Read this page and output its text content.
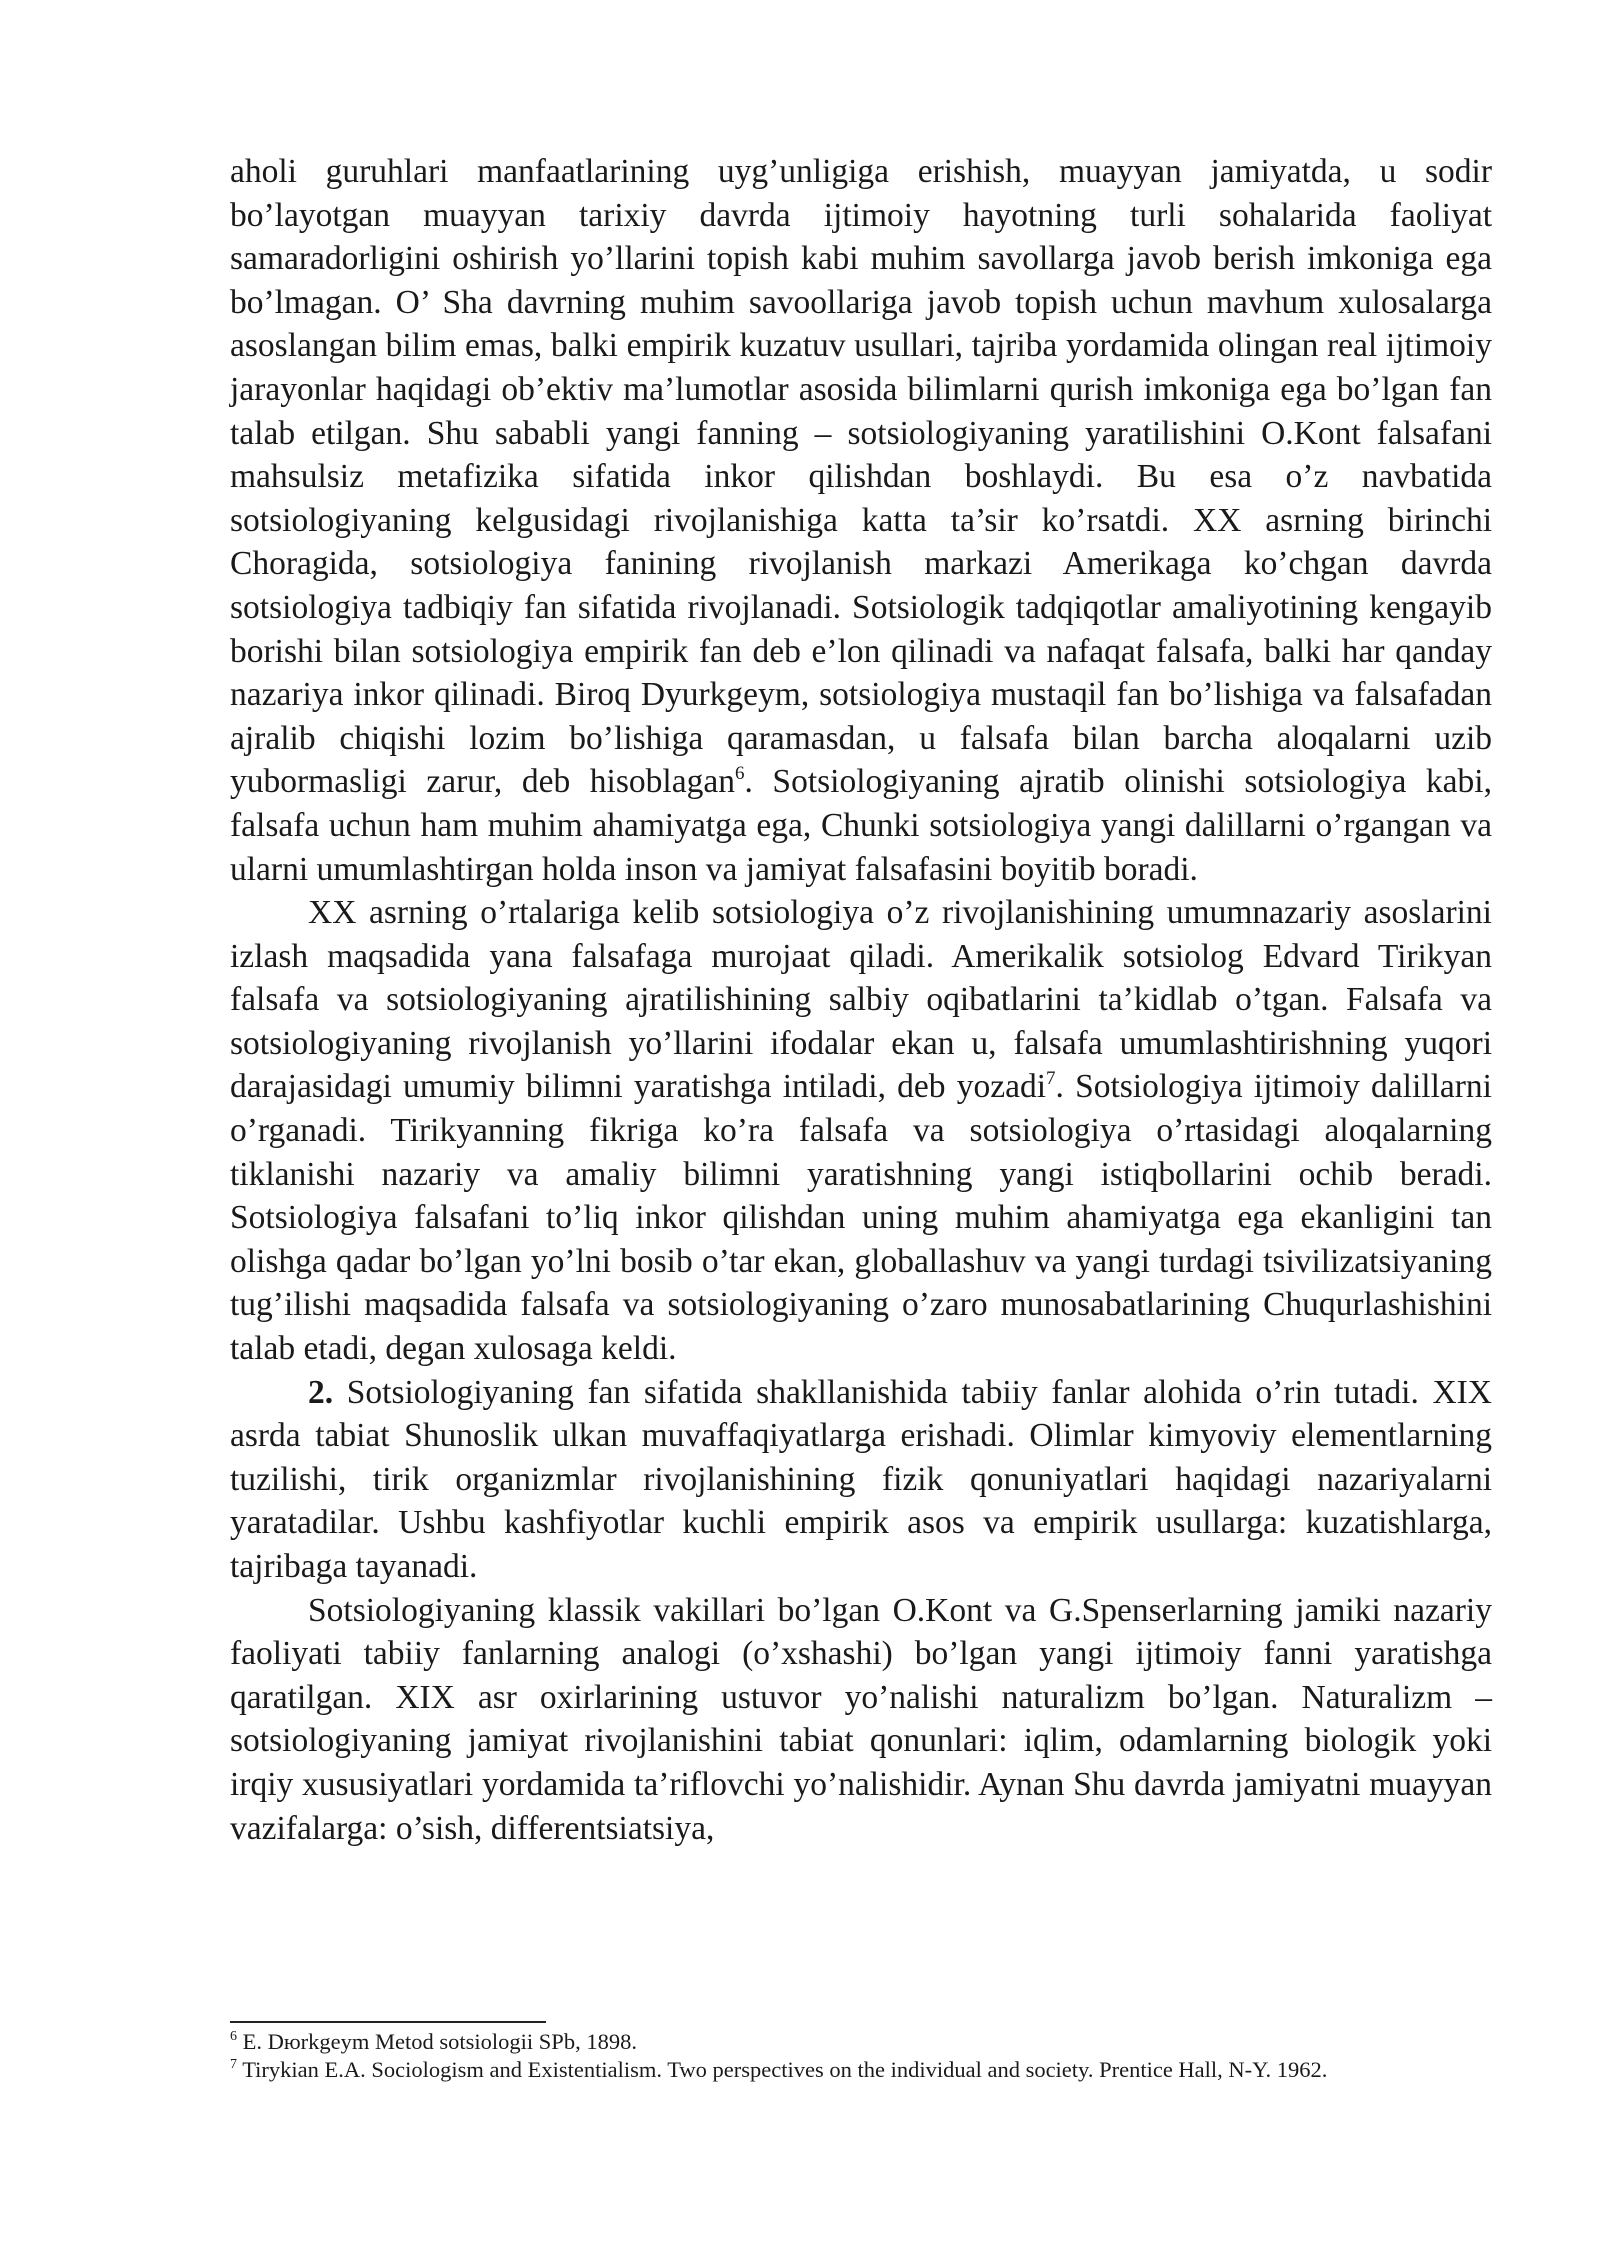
aholi guruhlari manfaatlarining uyg’unligiga erishish, muayyan jamiyatda, u sodir bo’layotgan muayyan tarixiy davrda ijtimoiy hayotning turli sohalarida faoliyat samaradorligini oshirish yo’llarini topish kabi muhim savollarga javob berish imkoniga ega bo’lmagan. O’ Sha davrning muhim savoollariga javob topish uchun mavhum xulosalarga asoslangan bilim emas, balki empirik kuzatuv usullari, tajriba yordamida olingan real ijtimoiy jarayonlar haqidagi ob’ektiv ma’lumotlar asosida bilimlarni qurish imkoniga ega bo’lgan fan talab etilgan. Shu sababli yangi fanning – sotsiologiyaning yaratilishini O.Kont falsafani mahsulsiz metafizika sifatida inkor qilishdan boshlaydi. Bu esa o’z navbatida sotsiologiyaning kelgusidagi rivojlanishiga katta ta’sir ko’rsatdi. XX asrning birinchi Choragida, sotsiologiya fanining rivojlanish markazi Amerikaga ko’chgan davrda sotsiologiya tadbiqiy fan sifatida rivojlanadi. Sotsiologik tadqiqotlar amaliyotining kengayib borishi bilan sotsiologiya empirik fan deb e’lon qilinadi va nafaqat falsafa, balki har qanday nazariya inkor qilinadi. Biroq Dyurkgeym, sotsiologiya mustaqil fan bo’lishiga va falsafadan ajralib chiqishi lozim bo’lishiga qaramasdan, u falsafa bilan barcha aloqalarni uzib yubormasligi zarur, deb hisoblagan$^6$. Sotsiologiyaning ajratib olinishi sotsiologiya kabi, falsafa uchun ham muhim ahamiyatga ega, Chunki sotsiologiya yangi dalillarni o’rgangan va ularni umumlashtirgan holda inson va jamiyat falsafasini boyitib boradi.

XX asrning o’rtalariga kelib sotsiologiya o’z rivojlanishining umumnazariy asoslarini izlash maqsadida yana falsafaga murojaat qiladi. Amerikalik sotsiolog Edvard Tirikyan falsafa va sotsiologiyaning ajratilishining salbiy oqibatlarini ta’kidlab o’tgan. Falsafa va sotsiologiyaning rivojlanish yo’llarini ifodalar ekan u, falsafa umumlashtirishning yuqori darajasidagi umumiy bilimni yaratishga intiladi, deb yozadi$^7$. Sotsiologiya ijtimoiy dalillarni o’rganadi. Tirikyanning fikriga ko’ra falsafa va sotsiologiya o’rtasidagi aloqalarning tiklanishi nazariy va amaliy bilimni yaratishning yangi istiqbollarini ochib beradi. Sotsiologiya falsafani to’liq inkor qilishdan uning muhim ahamiyatga ega ekanligini tan olishga qadar bo’lgan yo’lni bosib o’tar ekan, globallashuv va yangi turdagi tsivilizatsiyaning tug’ilishi maqsadida falsafa va sotsiologiyaning o’zaro munosabatlarining Chuqurlashishini talab etadi, degan xulosaga keldi.

2. Sotsiologiyaning fan sifatida shakllanishida tabiiy fanlar alohida o’rin tutadi. XIX asrda tabiat Shunoslik ulkan muvaffaqiyatlarga erishadi. Olimlar kimyoviy elementlarning tuzilishi, tirik organizmlar rivojlanishining fizik qonuniyatlari haqidagi nazariyalarni yaratadilar. Ushbu kashfiyotlar kuchli empirik asos va empirik usullarga: kuzatishlarga, tajribaga tayanadi.

Sotsiologiyaning klassik vakillari bo’lgan O.Kont va G.Spenserlarning jamiki nazariy faoliyati tabiiy fanlarning analogi (o’xshashi) bo’lgan yangi ijtimoiy fanni yaratishga qaratilgan. XIX asr oxirlarining ustuvor yo’nalishi naturalizm bo’lgan. Naturalizm – sotsiologiyaning jamiyat rivojlanishini tabiat qonunlari: iqlim, odamlarning biologik yoki irqiy xususiyatlari yordamida ta’riflovchi yo’nalishidir. Aynan Shu davrda jamiyatni muayyan vazifalarga: o’sish, differentsiatsiya,

$^6$ E. Dюrkgeym Metod sotsiologii SPb, 1898.

$^7$ Tirykian E.A. Sociologism and Existentialism. Two perspectives on the individual and society. Prentice Hall, N-Y. 1962.
